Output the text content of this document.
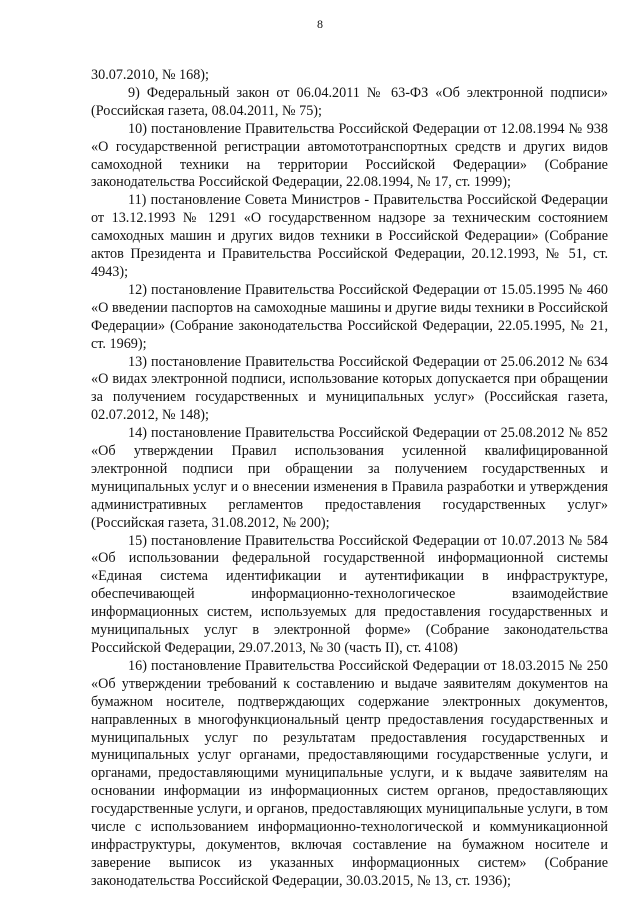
8

30.07.2010, № 168);

9) Федеральный закон от 06.04.2011 № 63-ФЗ «Об электронной подписи» (Российская газета, 08.04.2011, № 75);

10) постановление Правительства Российской Федерации от 12.08.1994 № 938 «О государственной регистрации автомототранспортных средств и других видов самоходной техники на территории Российской Федерации» (Собрание законодательства Российской Федерации, 22.08.1994, № 17, ст. 1999);

11) постановление Совета Министров - Правительства Российской Федерации от 13.12.1993 № 1291 «О государственном надзоре за техническим состоянием самоходных машин и других видов техники в Российской Федерации» (Собрание актов Президента и Правительства Российской Федерации, 20.12.1993, № 51, ст. 4943);

12) постановление Правительства Российской Федерации от 15.05.1995 № 460 «О введении паспортов на самоходные машины и другие виды техники в Российской Федерации» (Собрание законодательства Российской Федерации, 22.05.1995, № 21, ст. 1969);

13) постановление Правительства Российской Федерации от 25.06.2012 № 634 «О видах электронной подписи, использование которых допускается при обращении за получением государственных и муниципальных услуг» (Российская газета, 02.07.2012, № 148);

14) постановление Правительства Российской Федерации от 25.08.2012 № 852 «Об утверждении Правил использования усиленной квалифицированной электронной подписи при обращении за получением государственных и муниципальных услуг и о внесении изменения в Правила разработки и утверждения административных регламентов предоставления государственных услуг» (Российская газета, 31.08.2012, № 200);

15) постановление Правительства Российской Федерации от 10.07.2013 № 584 «Об использовании федеральной государственной информационной системы «Единая система идентификации и аутентификации в инфраструктуре, обеспечивающей информационно-технологическое взаимодействие информационных систем, используемых для предоставления государственных и муниципальных услуг в электронной форме» (Собрание законодательства Российской Федерации, 29.07.2013, № 30 (часть II), ст. 4108)

16) постановление Правительства Российской Федерации от 18.03.2015 № 250 «Об утверждении требований к составлению и выдаче заявителям документов на бумажном носителе, подтверждающих содержание электронных документов, направленных в многофункциональный центр предоставления государственных и муниципальных услуг по результатам предоставления государственных и муниципальных услуг органами, предоставляющими государственные услуги, и органами, предоставляющими муниципальные услуги, и к выдаче заявителям на основании информации из информационных систем органов, предоставляющих государственные услуги, и органов, предоставляющих муниципальные услуги, в том числе с использованием информационно-технологической и коммуникационной инфраструктуры, документов, включая составление на бумажном носителе и заверение выписок из указанных информационных систем» (Собрание законодательства Российской Федерации, 30.03.2015, № 13, ст. 1936);
